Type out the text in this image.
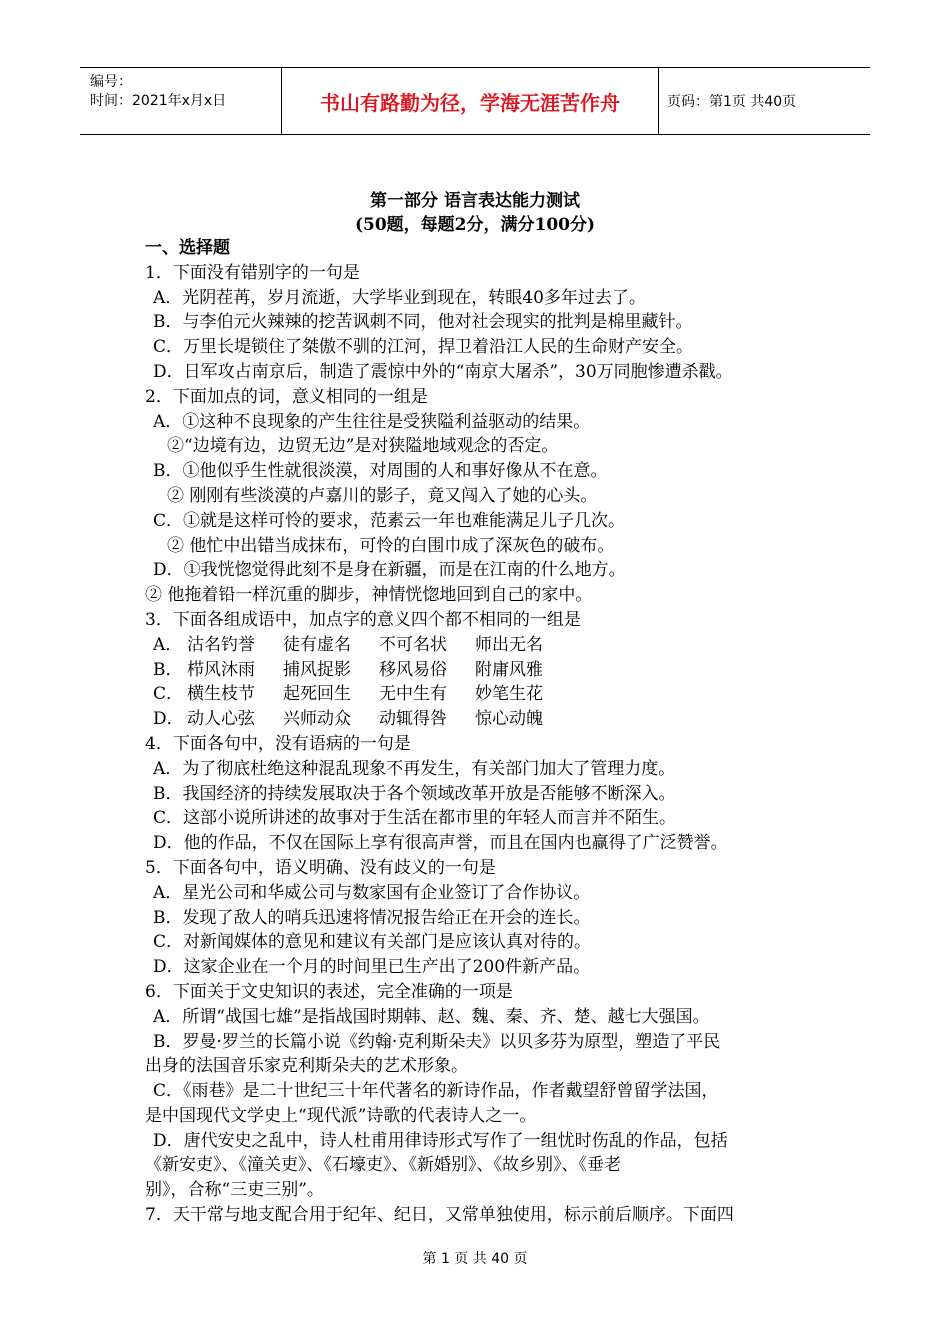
编号：
时间：2021年x月x日	书山有路勤为径，学海无涯苦作舟	页码：第1页 共40页
第一部分 语言表达能力测试
(50题，每题2分，满分100分)
一、选择题
1．下面没有错别字的一句是
A．光阴茬苒，岁月流逝，大学毕业到现在，转眼40多年过去了。
B．与李伯元火辣辣的挖苦讽刺不同，他对社会现实的批判是棉里藏针。
C．万里长堤锁住了桀傲不驯的江河，捍卫着沿江人民的生命财产安全。
D．日军攻占南京后，制造了震惊中外的“南京大屠杀”，30万同胞惨遭杀戳。
2．下面加点的词，意义相同的一组是
A．①这种不良现象的产生往往是受狭隘利益驱动的结果。
②“边境有边，边贸无边”是对狭隘地域观念的否定。
B．①他似乎生性就很淡漠，对周围的人和事好像从不在意。
② 刚刚有些淡漠的卢嘉川的影子，竟又闯入了她的心头。
C．①就是这样可怜的要求，范素云一年也难能满足儿子几次。
② 他忙中出错当成抹布，可怜的白围巾成了深灰色的破布。
D．①我恍惚觉得此刻不是身在新疆，而是在江南的什么地方。
② 他拖着铅一样沉重的脚步，神情恍惚地回到自己的家中。
3．下面各组成语中，加点字的意义四个都不相同的一组是
A． 沽名钓誉 徒有虚名 不可名状 师出无名
B． 栉风沐雨 捕风捉影 移风易俗 附庸风雅
C． 横生枝节 起死回生 无中生有 妙笔生花
D． 动人心弦 兴师动众 动辄得咎 惊心动魄
4．下面各句中，没有语病的一句是
A．为了彻底杜绝这种混乱现象不再发生，有关部门加大了管理力度。
B．我国经济的持续发展取决于各个领域改革开放是否能够不断深入。
C．这部小说所讲述的故事对于生活在都市里的年轻人而言并不陌生。
D．他的作品，不仅在国际上享有很高声誉，而且在国内也赢得了广泛赞誉。
5．下面各句中，语义明确、没有歧义的一句是
A．星光公司和华威公司与数家国有企业签订了合作协议。
B．发现了敌人的哨兵迅速将情况报告给正在开会的连长。
C．对新闻媒体的意见和建议有关部门是应该认真对待的。
D．这家企业在一个月的时间里已生产出了200件新产品。
6．下面关于文史知识的表述，完全准确的一项是
A．所谓“战国七雄”是指战国时期韩、赵、魏、秦、齐、楚、越七大强国。
B．罗曼·罗兰的长篇小说《约翰·克利斯朵夫》以贝多芬为原型，塑造了平民
出身的法国音乐家克利斯朵夫的艺术形象。
C．《雨巷》是二十世纪三十年代著名的新诗作品，作者戴望舒曾留学法国，
是中国现代文学史上“现代派”诗歌的代表诗人之一。
D．唐代安史之乱中，诗人杜甫用律诗形式写作了一组忧时伤乱的作品，包括
《新安吏》、《潼关吏》、《石壕吏》、《新婚别》、《故乡别》、《垂老
别》，合称“三吏三别”。
7．天干常与地支配合用于纪年、纪日，又常单独使用，标示前后顺序。下面四
第 1 页 共 40 页
